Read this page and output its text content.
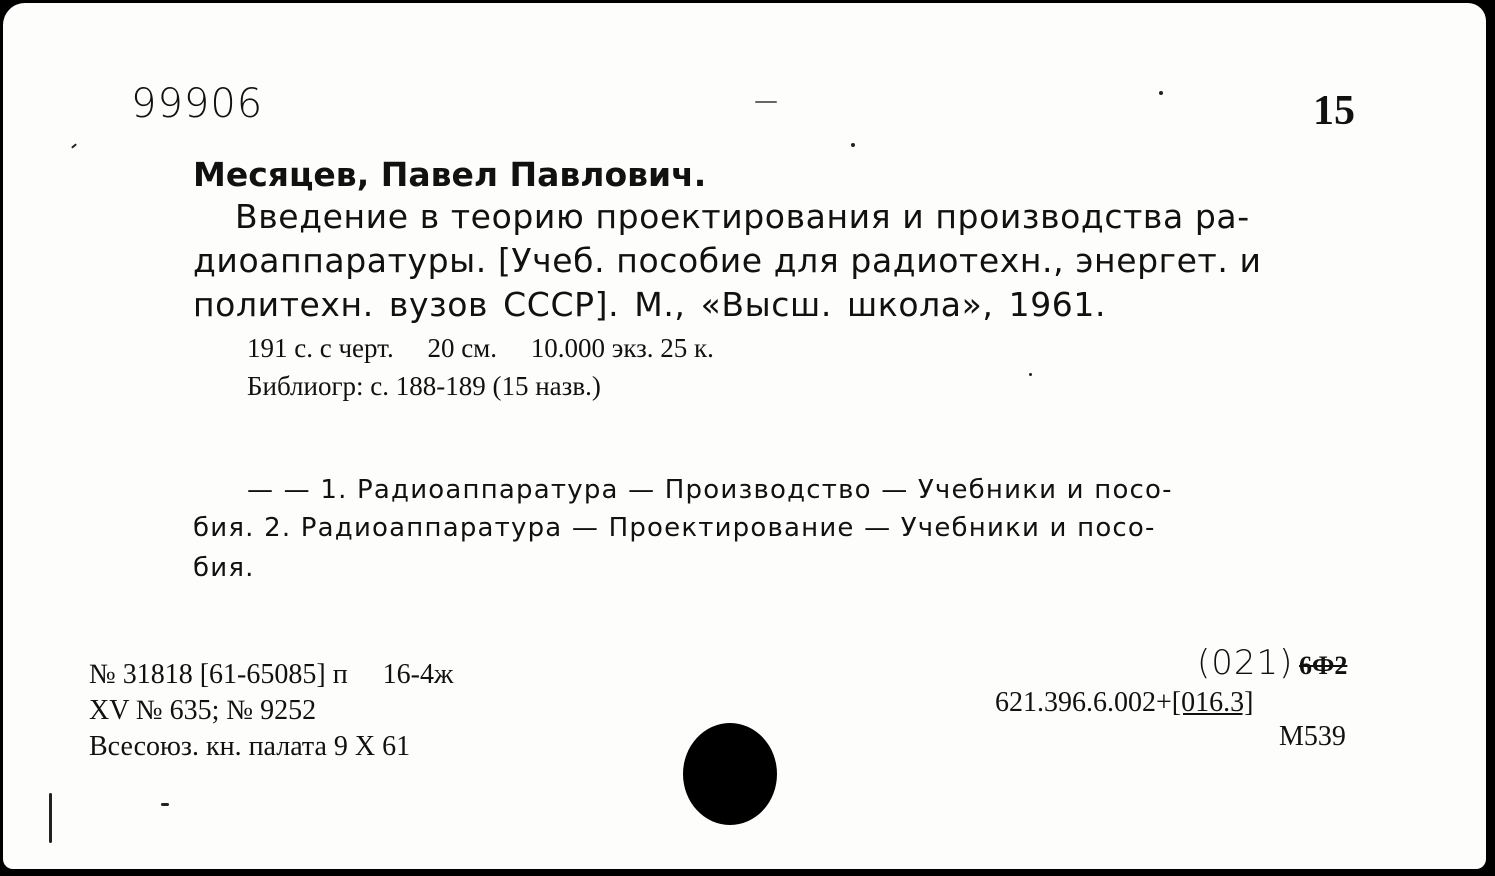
99906	15
Месяцев, Павел Павлович.
Введение в теорию проектирования и производства ра-
диоаппаратуры. [Учеб. пособие для радиотехн., энергет. и
политехн. вузов СССР]. М., «Высш. школа», 1961.
191 с. с черт.     20 см.     10.000 экз. 25 к.
Библиогр: с. 188-189 (15 назв.)
— — 1. Радиоаппаратура — Производство — Учебники и посо-
бия. 2. Радиоаппаратура — Проектирование — Учебники и посо-
бия.
№ 31818 [61-65085] п     16-4ж
XV № 635; № 9252
Всесоюз. кн. палата 9 X 61
(021) 6Ф2
621.396.6.002+[016.3]
М539
